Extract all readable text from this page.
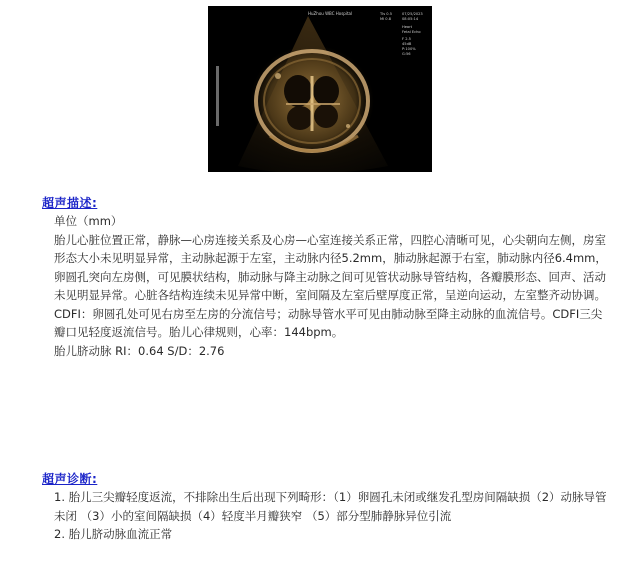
HuZhou WBC Hospital	TIs 0.5
MI 0.8
07/25/2023
08:05:14
Heart
Fetal Echo
F 2.5
45dB
P:100%
G:56
超声描述:

单位（mm）

胎儿心脏位置正常，静脉—心房连接关系及心房—心室连接关系正常，四腔心清晰可见，心尖朝向左侧，房室形态大小未见明显异常，主动脉起源于左室，主动脉内径5.2mm，肺动脉起源于右室，肺动脉内径6.4mm，卵圆孔突向左房侧，可见膜状结构，肺动脉与降主动脉之间可见管状动脉导管结构，各瓣膜形态、回声、活动未见明显异常。心脏各结构连续未见异常中断，室间隔及左室后壁厚度正常，呈逆向运动，左室整齐动协调。CDFI：卵圆孔处可见右房至左房的分流信号；动脉导管水平可见由肺动脉至降主动脉的血流信号。CDFI三尖瓣口见轻度返流信号。胎儿心律规则，心率：144bpm。

胎儿脐动脉 RI：0.64 S/D：2.76

超声诊断:

1. 胎儿三尖瓣轻度返流，不排除出生后出现下列畸形：（1）卵圆孔未闭或继发孔型房间隔缺损（2）动脉导管未闭 （3）小的室间隔缺损（4）轻度半月瓣狭窄 （5）部分型肺静脉异位引流

2. 胎儿脐动脉血流正常
